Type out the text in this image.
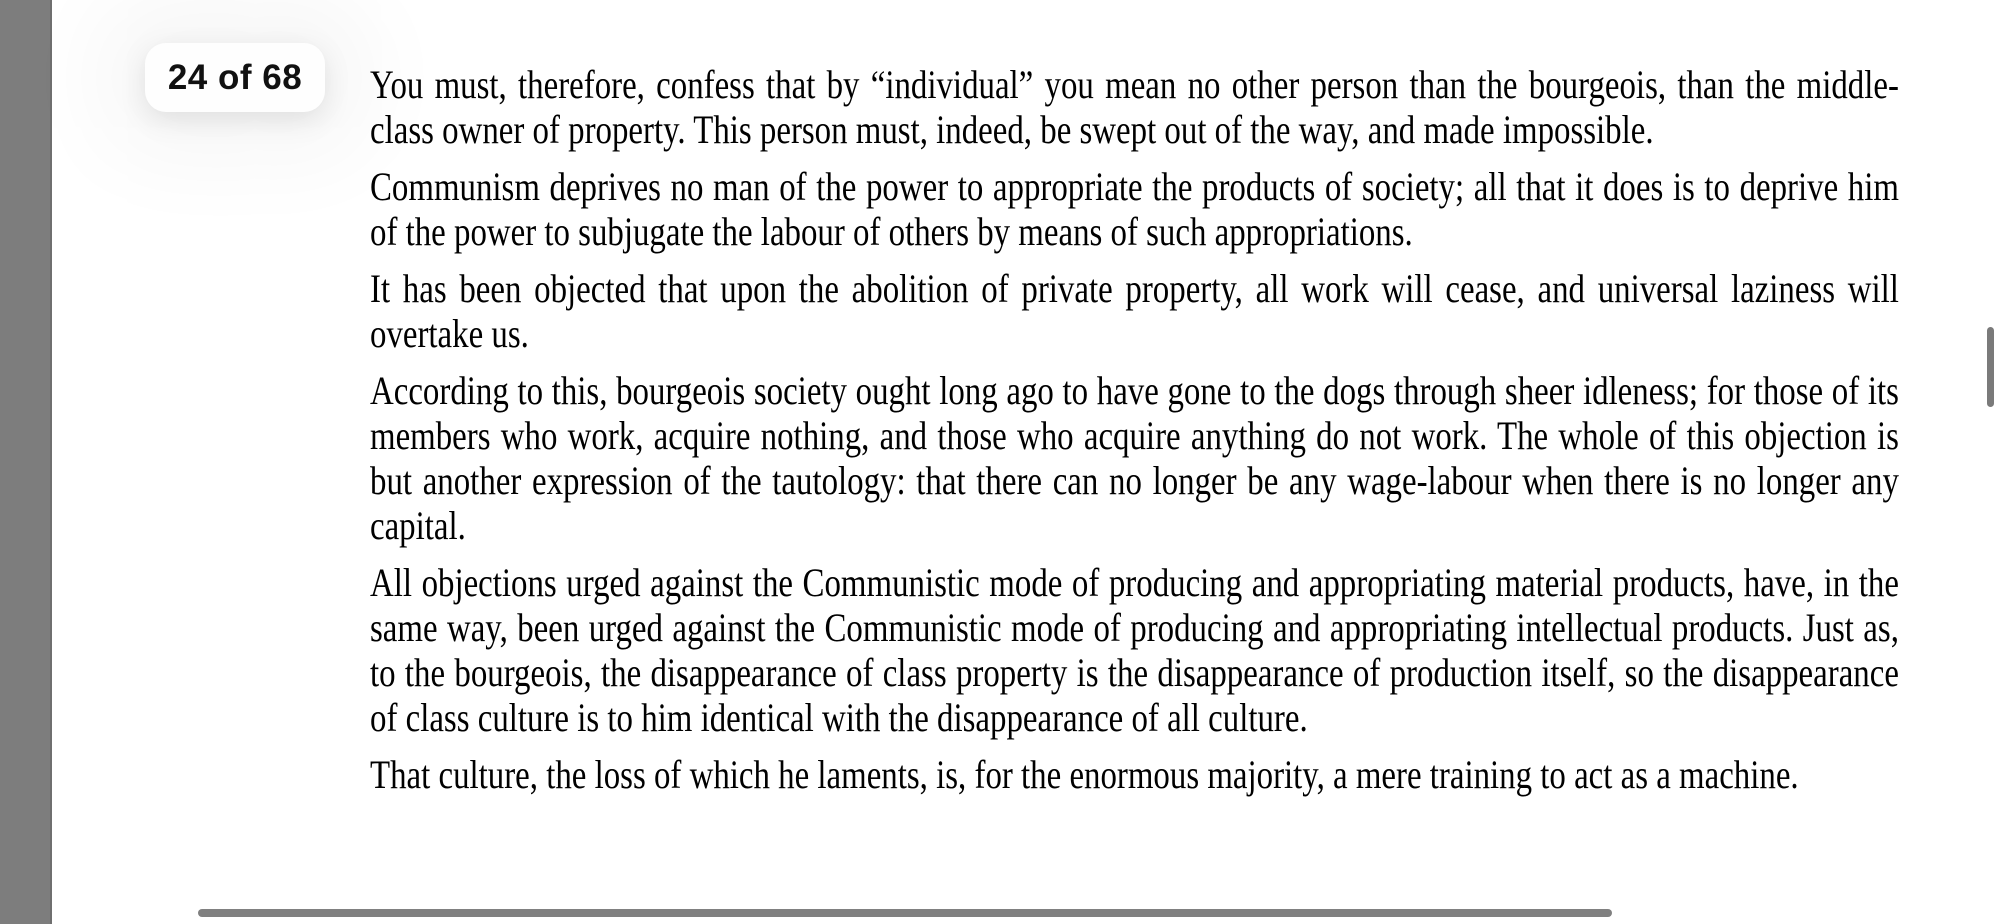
24 of 68 You must, therefore, confess that by “individual” you mean no other person than the bourgeois, than the middle-class owner of property. This person must, indeed, be swept out of the way, and made impossible.

Communism deprives no man of the power to appropriate the products of society; all that it does is to deprive him of the power to subjugate the labour of others by means of such appropriations.

It has been objected that upon the abolition of private property, all work will cease, and universal laziness will overtake us.

According to this, bourgeois society ought long ago to have gone to the dogs through sheer idleness; for those of its members who work, acquire nothing, and those who acquire anything do not work. The whole of this objection is but another expression of the tautology: that there can no longer be any wage-labour when there is no longer any capital.

All objections urged against the Communistic mode of producing and appropriating material products, have, in the same way, been urged against the Communistic mode of producing and appropriating intellectual products. Just as, to the bourgeois, the disappearance of class property is the disappearance of production itself, so the disappearance of class culture is to him identical with the disappearance of all culture.

That culture, the loss of which he laments, is, for the enormous majority, a mere training to act as a machine.
